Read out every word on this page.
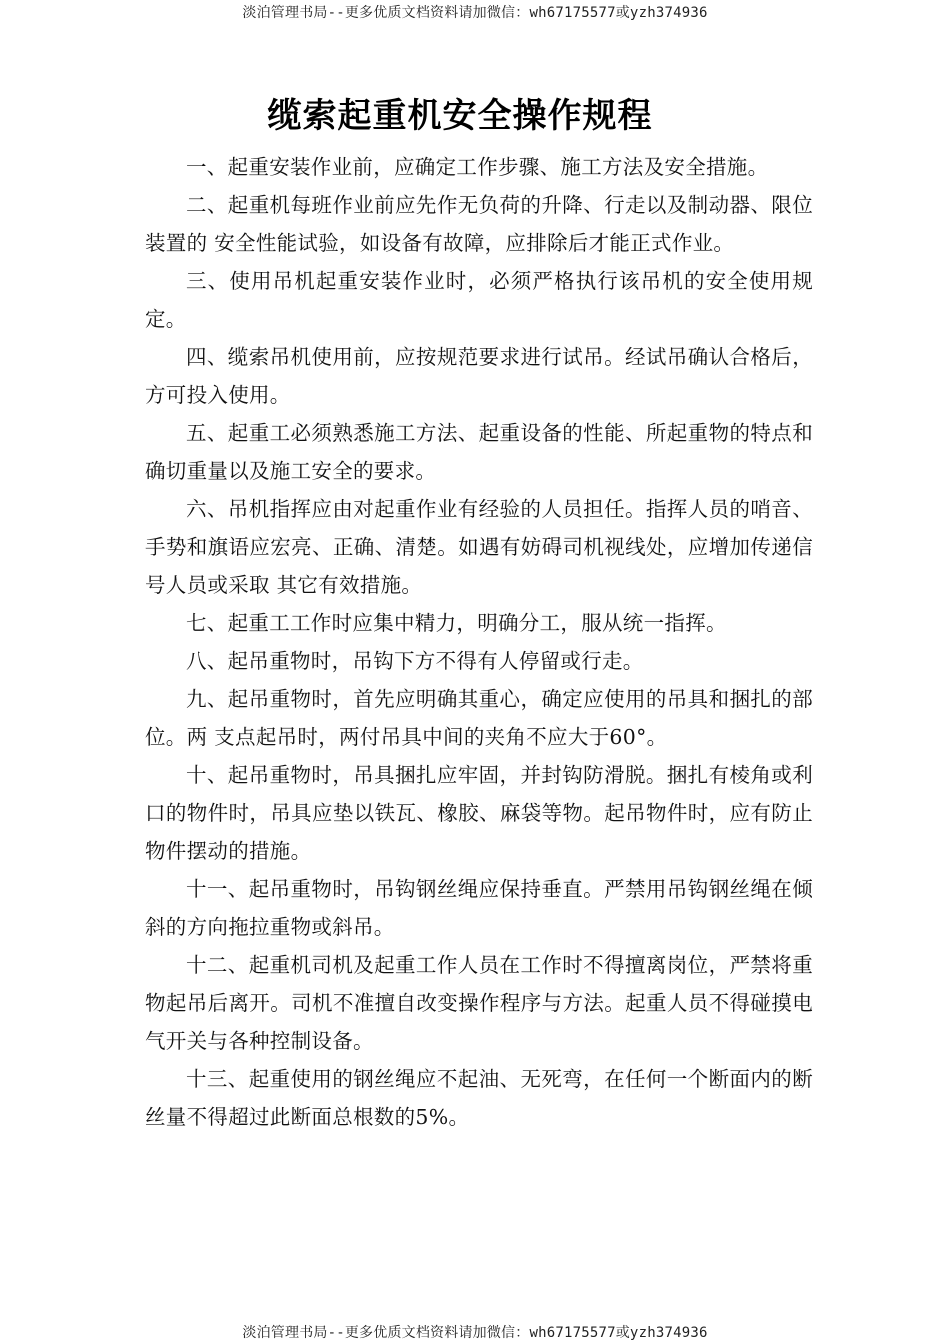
淡泊管理书局--更多优质文档资料请加微信：wh67175577或yzh374936
缆索起重机安全操作规程

一、起重安装作业前，应确定工作步骤、施工方法及安全措施。

二、起重机每班作业前应先作无负荷的升降、行走以及制动器、限位装置的 安全性能试验，如设备有故障，应排除后才能正式作业。

三、使用吊机起重安装作业时，必须严格执行该吊机的安全使用规定。

四、缆索吊机使用前，应按规范要求进行试吊。经试吊确认合格后，方可投入使用。

五、起重工必须熟悉施工方法、起重设备的性能、所起重物的特点和确切重量以及施工安全的要求。

六、吊机指挥应由对起重作业有经验的人员担任。指挥人员的哨音、手势和旗语应宏亮、正确、清楚。如遇有妨碍司机视线处，应增加传递信号人员或采取 其它有效措施。

七、起重工工作时应集中精力，明确分工，服从统一指挥。

八、起吊重物时，吊钩下方不得有人停留或行走。

九、起吊重物时，首先应明确其重心，确定应使用的吊具和捆扎的部位。两 支点起吊时，两付吊具中间的夹角不应大于60°。

十、起吊重物时，吊具捆扎应牢固，并封钩防滑脱。捆扎有棱角或利口的物件时，吊具应垫以铁瓦、橡胶、麻袋等物。起吊物件时，应有防止物件摆动的措施。

十一、起吊重物时，吊钩钢丝绳应保持垂直。严禁用吊钩钢丝绳在倾斜的方向拖拉重物或斜吊。

十二、起重机司机及起重工作人员在工作时不得擅离岗位，严禁将重物起吊后离开。司机不准擅自改变操作程序与方法。起重人员不得碰摸电气开关与各种控制设备。

十三、起重使用的钢丝绳应不起油、无死弯，在任何一个断面内的断丝量不得超过此断面总根数的5%。

淡泊管理书局--更多优质文档资料请加微信：wh67175577或yzh374936
